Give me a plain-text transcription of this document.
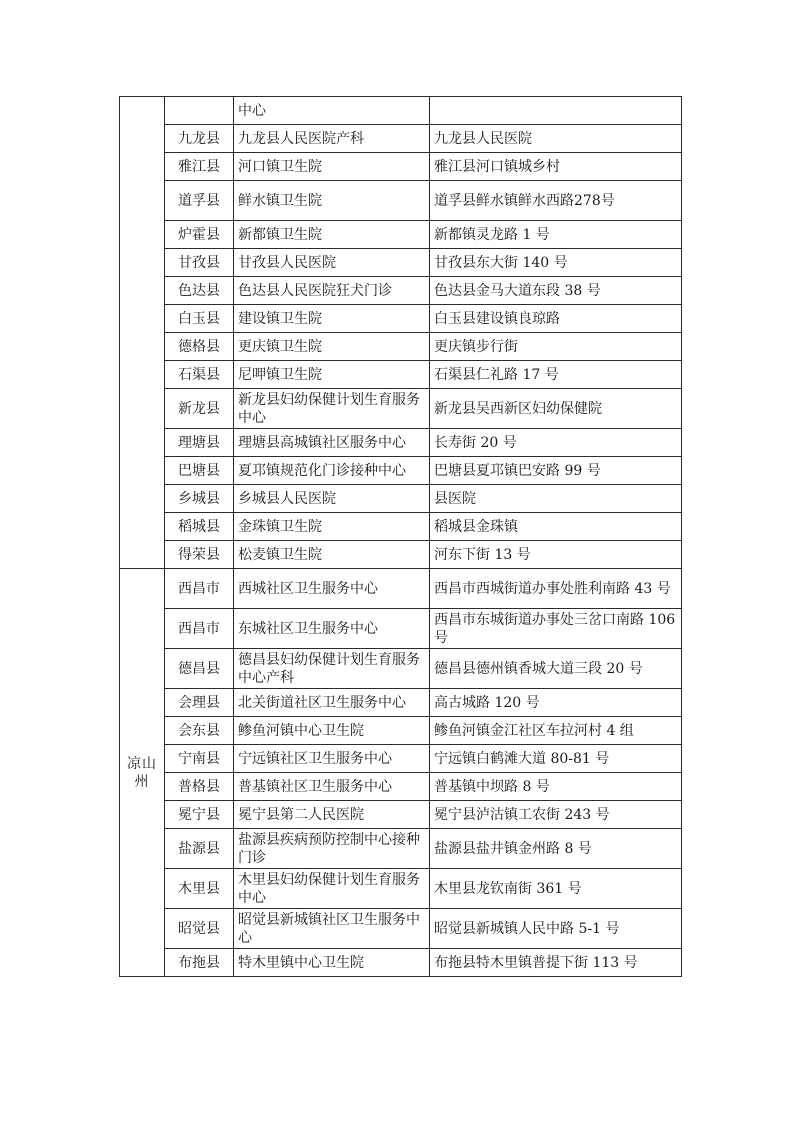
		中心	
	九龙县	九龙县人民医院产科	九龙县人民医院
	雅江县	河口镇卫生院	雅江县河口镇城乡村
	道孚县	鲜水镇卫生院	道孚县鲜水镇鲜水西路278号
	炉霍县	新都镇卫生院	新都镇灵龙路 1 号
	甘孜县	甘孜县人民医院	甘孜县东大街 140 号
	色达县	色达县人民医院狂犬门诊	色达县金马大道东段 38 号
	白玉县	建设镇卫生院	白玉县建设镇良琼路
	德格县	更庆镇卫生院	更庆镇步行街
	石渠县	尼呷镇卫生院	石渠县仁礼路 17 号
	新龙县	新龙县妇幼保健计划生育服务中心	新龙县吴西新区妇幼保健院
	理塘县	理塘县高城镇社区服务中心	长寿街 20 号
	巴塘县	夏邛镇规范化门诊接种中心	巴塘县夏邛镇巴安路 99 号
	乡城县	乡城县人民医院	县医院
	稻城县	金珠镇卫生院	稻城县金珠镇
	得荣县	松麦镇卫生院	河东下街 13 号
凉山州	西昌市	西城社区卫生服务中心	西昌市西城街道办事处胜利南路 43 号
	西昌市	东城社区卫生服务中心	西昌市东城街道办事处三岔口南路 106 号
	德昌县	德昌县妇幼保健计划生育服务中心产科	德昌县德州镇香城大道三段 20 号
	会理县	北关街道社区卫生服务中心	高古城路 120 号
	会东县	鲹鱼河镇中心卫生院	鲹鱼河镇金江社区车拉河村 4 组
	宁南县	宁远镇社区卫生服务中心	宁远镇白鹤滩大道 80-81 号
	普格县	普基镇社区卫生服务中心	普基镇中坝路 8 号
	冕宁县	冕宁县第二人民医院	冕宁县泸沽镇工农街 243 号
	盐源县	盐源县疾病预防控制中心接种门诊	盐源县盐井镇金州路 8 号
	木里县	木里县妇幼保健计划生育服务中心	木里县龙钦南街 361 号
	昭觉县	昭觉县新城镇社区卫生服务中心	昭觉县新城镇人民中路 5-1 号
	布拖县	特木里镇中心卫生院	布拖县特木里镇普提下街 113 号
